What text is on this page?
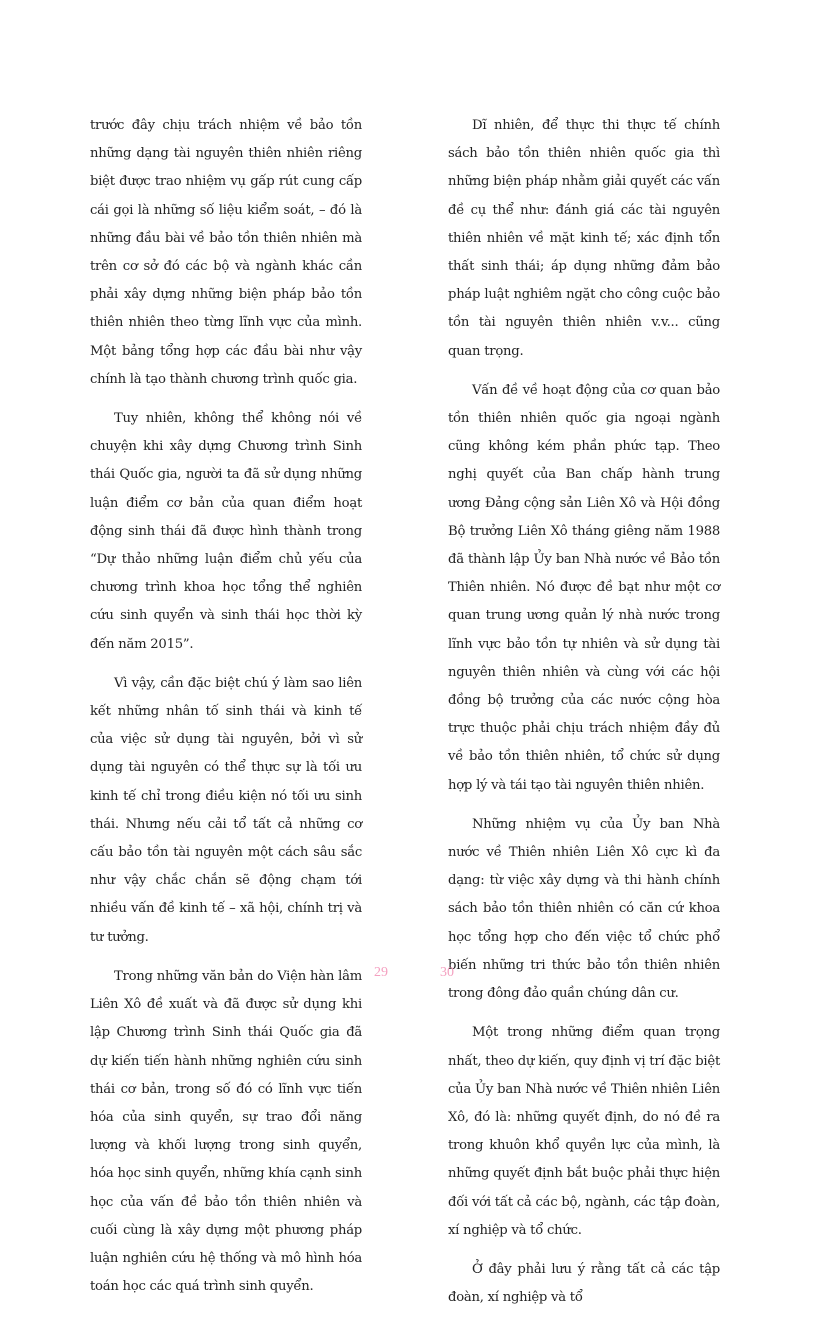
trước đây chịu trách nhiệm về bảo tồn những dạng tài nguyên thiên nhiên riêng biệt được trao nhiệm vụ gấp rút cung cấp cái gọi là những số liệu kiểm soát, – đó là những đầu bài về bảo tồn thiên nhiên mà trên cơ sở đó các bộ và ngành khác cần phải xây dựng những biện pháp bảo tồn thiên nhiên theo từng lĩnh vực của mình. Một bảng tổng hợp các đầu bài như vậy chính là tạo thành chương trình quốc gia.

Tuy nhiên, không thể không nói về chuyện khi xây dựng Chương trình Sinh thái Quốc gia, người ta đã sử dụng những luận điểm cơ bản của quan điểm hoạt động sinh thái đã được hình thành trong “Dự thảo những luận điểm chủ yếu của chương trình khoa học tổng thể nghiên cứu sinh quyển và sinh thái học thời kỳ đến năm 2015”.

Vì vậy, cần đặc biệt chú ý làm sao liên kết những nhân tố sinh thái và kinh tế của việc sử dụng tài nguyên, bởi vì sử dụng tài nguyên có thể thực sự là tối ưu kinh tế chỉ trong điều kiện nó tối ưu sinh thái. Nhưng nếu cải tổ tất cả những cơ cấu bảo tồn tài nguyên một cách sâu sắc như vậy chắc chắn sẽ động chạm tới nhiều vấn đề kinh tế – xã hội, chính trị và tư tưởng.

Trong những văn bản do Viện hàn lâm Liên Xô đề xuất và đã được sử dụng khi lập Chương trình Sinh thái Quốc gia đã dự kiến tiến hành những nghiên cứu sinh thái cơ bản, trong số đó có lĩnh vực tiến hóa của sinh quyển, sự trao đổi năng lượng và khối lượng trong sinh quyển, hóa học sinh quyển, những khía cạnh sinh học của vấn đề bảo tồn thiên nhiên và cuối cùng là xây dựng một phương pháp luận nghiên cứu hệ thống và mô hình hóa toán học các quá trình sinh quyển.

Dĩ nhiên, để thực thi thực tế chính sách bảo tồn thiên nhiên quốc gia thì những biện pháp nhằm giải quyết các vấn đề cụ thể như: đánh giá các tài nguyên thiên nhiên về mặt kinh tế; xác định tổn thất sinh thái; áp dụng những đảm bảo pháp luật nghiêm ngặt cho công cuộc bảo tồn tài nguyên thiên nhiên v.v... cũng quan trọng.

Vấn đề về hoạt động của cơ quan bảo tồn thiên nhiên quốc gia ngoại ngành cũng không kém phần phức tạp. Theo nghị quyết của Ban chấp hành trung ương Đảng cộng sản Liên Xô và Hội đồng Bộ trưởng Liên Xô tháng giêng năm 1988 đã thành lập Ủy ban Nhà nước về Bảo tồn Thiên nhiên. Nó được đề bạt như một cơ quan trung ương quản lý nhà nước trong lĩnh vực bảo tồn tự nhiên và sử dụng tài nguyên thiên nhiên và cùng với các hội đồng bộ trưởng của các nước cộng hòa trực thuộc phải chịu trách nhiệm đầy đủ về bảo tồn thiên nhiên, tổ chức sử dụng hợp lý và tái tạo tài nguyên thiên nhiên.

Những nhiệm vụ của Ủy ban Nhà nước về Thiên nhiên Liên Xô cực kì đa dạng: từ việc xây dựng và thi hành chính sách bảo tồn thiên nhiên có căn cứ khoa học tổng hợp cho đến việc tổ chức phổ biến những tri thức bảo tồn thiên nhiên trong đông đảo quần chúng dân cư.

Một trong những điểm quan trọng nhất, theo dự kiến, quy định vị trí đặc biệt của Ủy ban Nhà nước về Thiên nhiên Liên Xô, đó là: những quyết định, do nó đề ra trong khuôn khổ quyền lực của mình, là những quyết định bắt buộc phải thực hiện đối với tất cả các bộ, ngành, các tập đoàn, xí nghiệp và tổ chức.

Ở đây phải lưu ý rằng tất cả các tập đoàn, xí nghiệp và tổ

29	30
